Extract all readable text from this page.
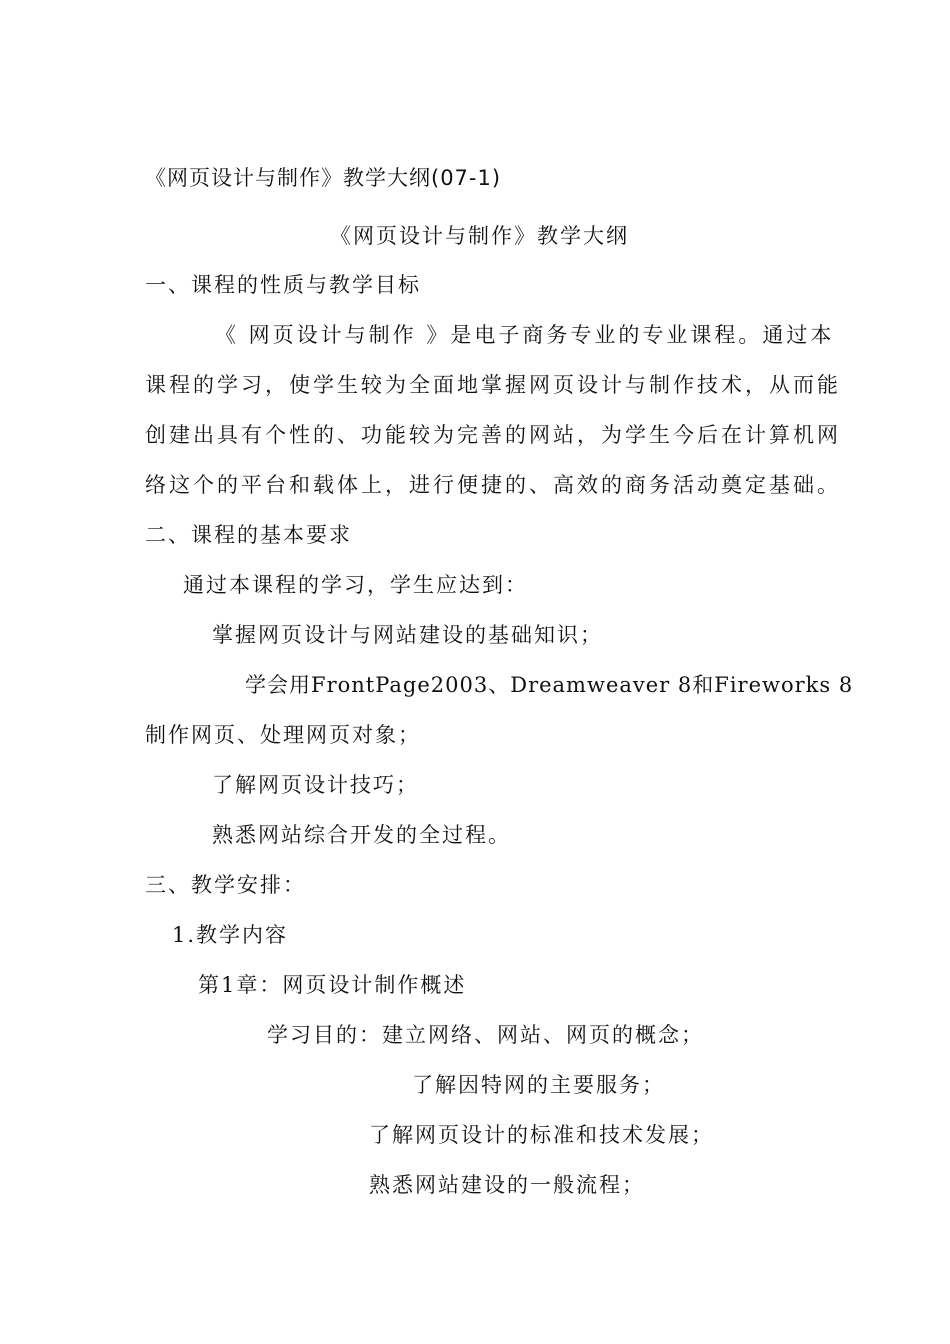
《网页设计与制作》教学大纲(07-1)
《网页设计与制作》教学大纲
一、课程的性质与教学目标
《 网页设计与制作 》是电子商务专业的专业课程。通过本
课程的学习，使学生较为全面地掌握网页设计与制作技术，从而能
创建出具有个性的、功能较为完善的网站，为学生今后在计算机网
络这个的平台和载体上，进行便捷的、高效的商务活动奠定基础。
二、课程的基本要求
通过本课程的学习，学生应达到：
掌握网页设计与网站建设的基础知识；
学会用FrontPage2003、Dreamweaver 8和Fireworks 8
制作网页、处理网页对象；
了解网页设计技巧；
熟悉网站综合开发的全过程。
三、教学安排：
1.教学内容
第1章：网页设计制作概述
学习目的：建立网络、网站、网页的概念；
了解因特网的主要服务；
了解网页设计的标准和技术发展；
熟悉网站建设的一般流程；
